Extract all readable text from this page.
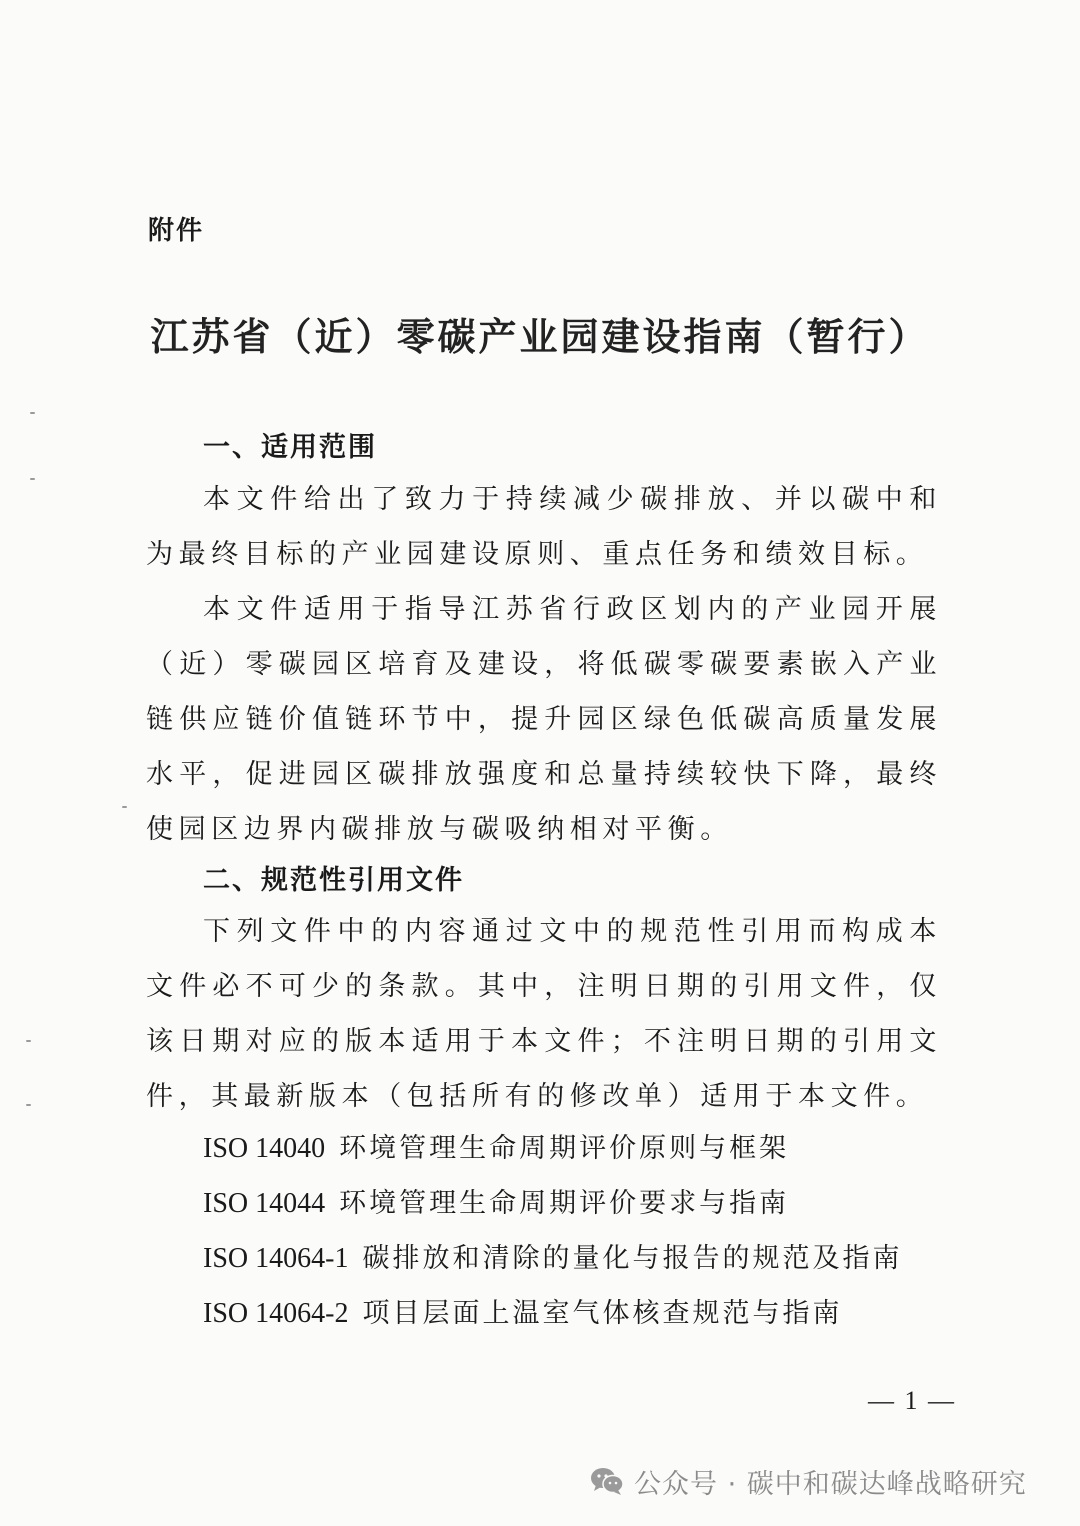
附件
江苏省（近）零碳产业园建设指南（暂行）
一、适用范围

本文件给出了致力于持续减少碳排放、并以碳中和为最终目标的产业园建设原则、重点任务和绩效目标。

本文件适用于指导江苏省行政区划内的产业园开展（近）零碳园区培育及建设，将低碳零碳要素嵌入产业链供应链价值链环节中，提升园区绿色低碳高质量发展水平，促进园区碳排放强度和总量持续较快下降，最终使园区边界内碳排放与碳吸纳相对平衡。

二、规范性引用文件

下列文件中的内容通过文中的规范性引用而构成本文件必不可少的条款。其中，注明日期的引用文件，仅该日期对应的版本适用于本文件；不注明日期的引用文件，其最新版本（包括所有的修改单）适用于本文件。

ISO 14040 环境管理生命周期评价原则与框架
ISO 14044 环境管理生命周期评价要求与指南
ISO 14064-1 碳排放和清除的量化与报告的规范及指南
ISO 14064-2 项目层面上温室气体核查规范与指南
— 1 —
公众号 · 碳中和碳达峰战略研究
